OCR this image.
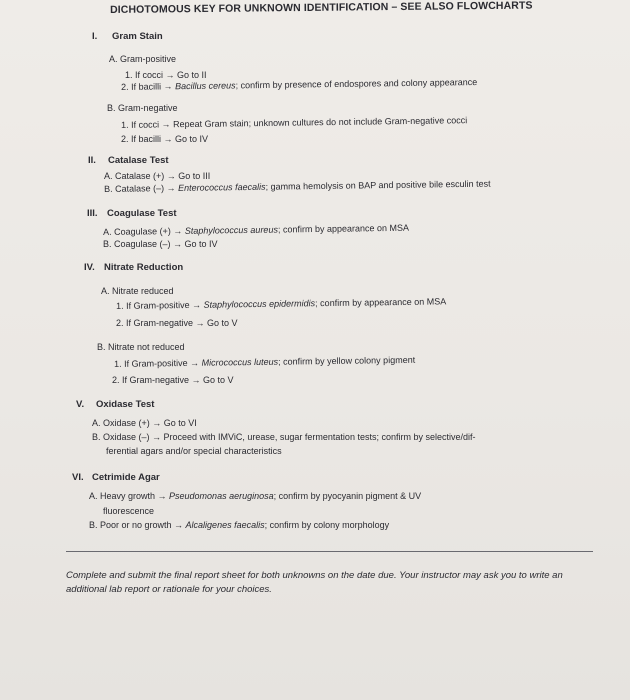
DICHOTOMOUS KEY FOR UNKNOWN IDENTIFICATION – SEE ALSO FLOWCHARTS
I. Gram Stain
A. Gram-positive
1. If cocci → Go to II
2. If bacilli → Bacillus cereus; confirm by presence of endospores and colony appearance
B. Gram-negative
1. If cocci → Repeat Gram stain; unknown cultures do not include Gram-negative cocci
2. If bacilli → Go to IV
II. Catalase Test
A. Catalase (+) → Go to III
B. Catalase (–) → Enterococcus faecalis; gamma hemolysis on BAP and positive bile esculin test
III. Coagulase Test
A. Coagulase (+) → Staphylococcus aureus; confirm by appearance on MSA
B. Coagulase (–) → Go to IV
IV. Nitrate Reduction
A. Nitrate reduced
1. If Gram-positive → Staphylococcus epidermidis; confirm by appearance on MSA
2. If Gram-negative → Go to V
B. Nitrate not reduced
1. If Gram-positive → Micrococcus luteus; confirm by yellow colony pigment
2. If Gram-negative → Go to V
V. Oxidase Test
A. Oxidase (+) → Go to VI
B. Oxidase (–) → Proceed with IMViC, urease, sugar fermentation tests; confirm by selective/dif-
ferential agars and/or special characteristics
VI. Cetrimide Agar
A. Heavy growth → Pseudomonas aeruginosa; confirm by pyocyanin pigment & UV
fluorescence
B. Poor or no growth → Alcaligenes faecalis; confirm by colony morphology
Complete and submit the final report sheet for both unknowns on the date due. Your instructor may ask you to write an additional lab report or rationale for your choices.
